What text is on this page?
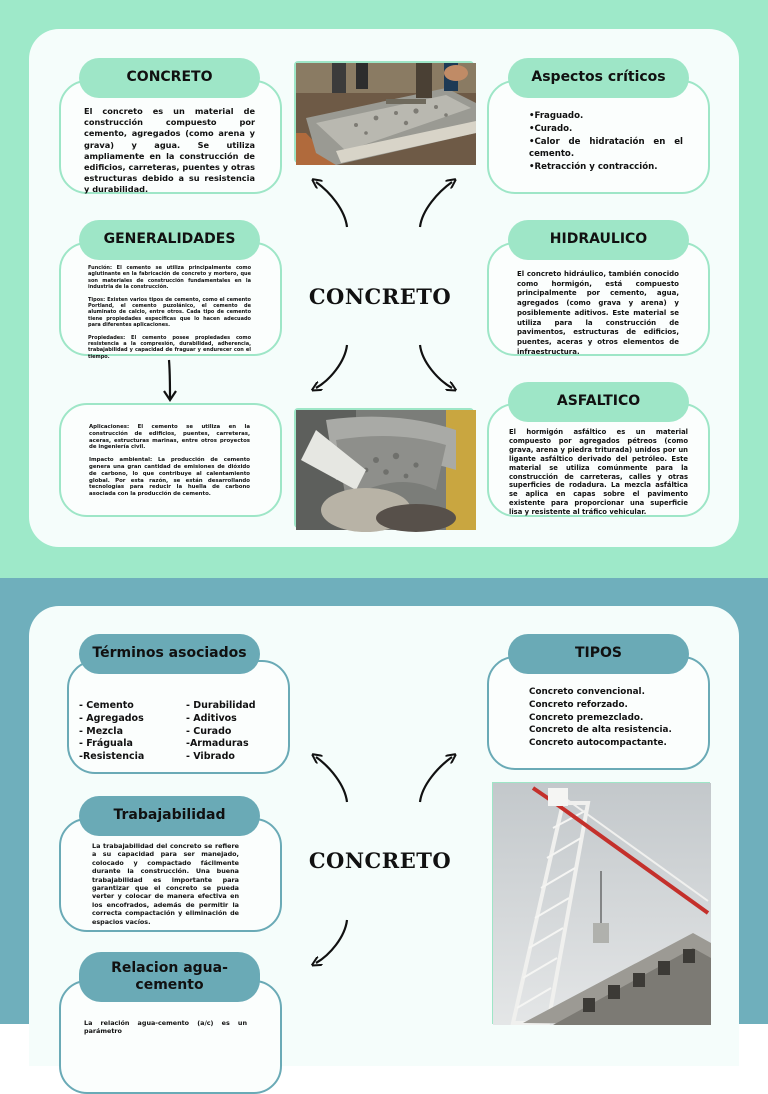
CONCRETO
El concreto es un material de construcción compuesto por cemento, agregados (como arena y grava) y agua. Se utiliza ampliamente en la construcción de edificios, carreteras, puentes y otras estructuras debido a su resistencia y durabilidad.
Aspectos críticos
•Fraguado.
•Curado.
•Calor de hidratación en el cemento.
•Retracción y contracción.
CONCRETO
GENERALIDADES

Función: El cemento se utiliza principalmente como aglutinante en la fabricación de concreto y mortero, que son materiales de construcción fundamentales en la industria de la construcción.

Tipos: Existen varios tipos de cemento, como el cemento Portland, el cemento puzolánico, el cemento de aluminato de calcio, entre otros. Cada tipo de cemento tiene propiedades específicas que lo hacen adecuado para diferentes aplicaciones.

Propiedades: El cemento posee propiedades como resistencia a la compresión, durabilidad, adherencia, trabajabilidad y capacidad de fraguar y endurecer con el tiempo.

HIDRAULICO
El concreto hidráulico, también conocido como hormigón, está compuesto principalmente por cemento, agua, agregados (como grava y arena) y posiblemente aditivos. Este material se utiliza para la construcción de pavimentos, estructuras de edificios, puentes, aceras y otros elementos de infraestructura.

Aplicaciones: El cemento se utiliza en la construcción de edificios, puentes, carreteras, aceras, estructuras marinas, entre otros proyectos de ingeniería civil.

Impacto ambiental: La producción de cemento genera una gran cantidad de emisiones de dióxido de carbono, lo que contribuye al calentamiento global. Por esta razón, se están desarrollando tecnologías para reducir la huella de carbono asociada con la producción de cemento.

ASFALTICO
El hormigón asfáltico es un material compuesto por agregados pétreos (como grava, arena y piedra triturada) unidos por un ligante asfáltico derivado del petróleo. Este material se utiliza comúnmente para la construcción de carreteras, calles y otras superficies de rodadura. La mezcla asfáltica se aplica en capas sobre el pavimento existente para proporcionar una superficie lisa y resistente al tráfico vehicular.
Términos asociados
- Cemento
- Agregados
- Mezcla
- Fráguala
-Resistencia
- Durabilidad
- Aditivos
- Curado
-Armaduras
- Vibrado
TIPOS
Concreto convencional.
Concreto reforzado.
Concreto premezclado.
Concreto de alta resistencia.
Concreto autocompactante.
CONCRETO
Trabajabilidad
La trabajabilidad del concreto se refiere a su capacidad para ser manejado, colocado y compactado fácilmente durante la construcción. Una buena trabajabilidad es importante para garantizar que el concreto se pueda verter y colocar de manera efectiva en los encofrados, además de permitir la correcta compactación y eliminación de espacios vacíos.
Relacion agua-cemento
La relación agua-cemento (a/c) es un parámetro
